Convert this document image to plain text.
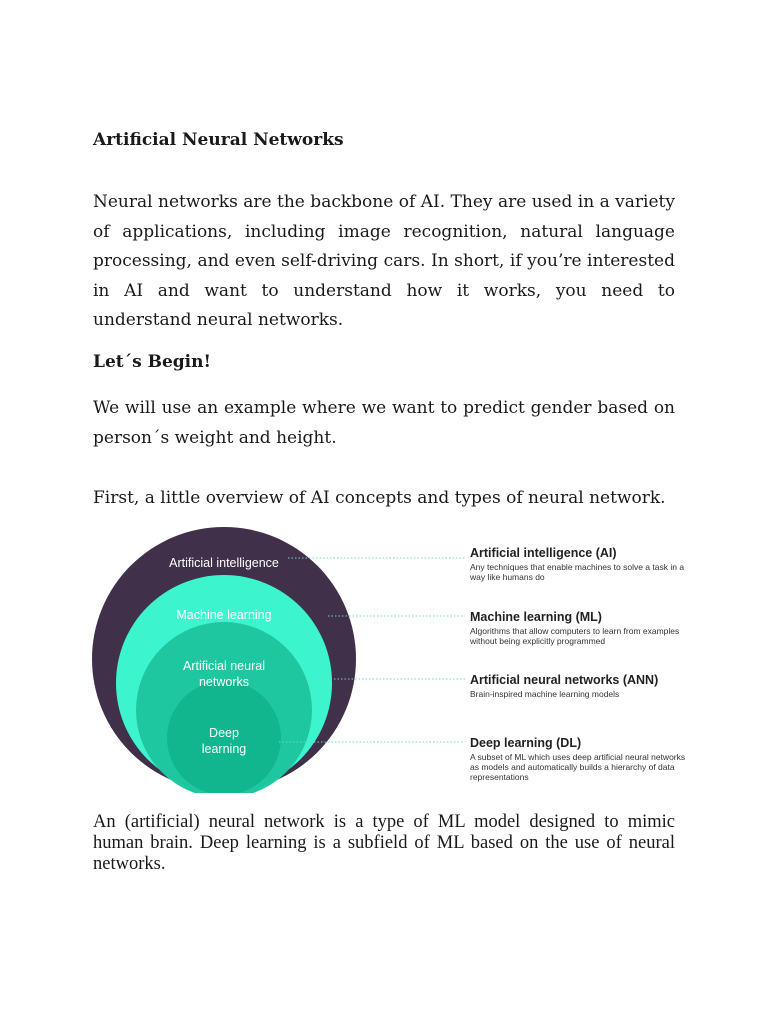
Artificial Neural Networks

Neural networks are the backbone of AI. They are used in a variety of applications, including image recognition, natural language processing, and even self-driving cars. In short, if you’re interested in AI and want to understand how it works, you need to understand neural networks.

Let´s Begin!

We will use an example where we want to predict gender based on person´s weight and height.

First, a little overview of AI concepts and types of neural network.

An (artificial) neural network is a type of ML model designed to mimic human brain. Deep learning is a subfield of ML based on the use of neural networks.

Artificial intelligence
Machine learning
Artificial neural
networks
Deep
learning
Artificial intelligence (AI)
Any techniques that enable machines to solve a task in a
way like humans do
Machine learning (ML)
Algorithms that allow computers to learn from examples
without being explicitly programmed
Artificial neural networks (ANN)
Brain-inspired machine learning models
Deep learning (DL)
A subset of ML which uses deep artificial neural networks
as models and automatically builds a hierarchy of data
representations
